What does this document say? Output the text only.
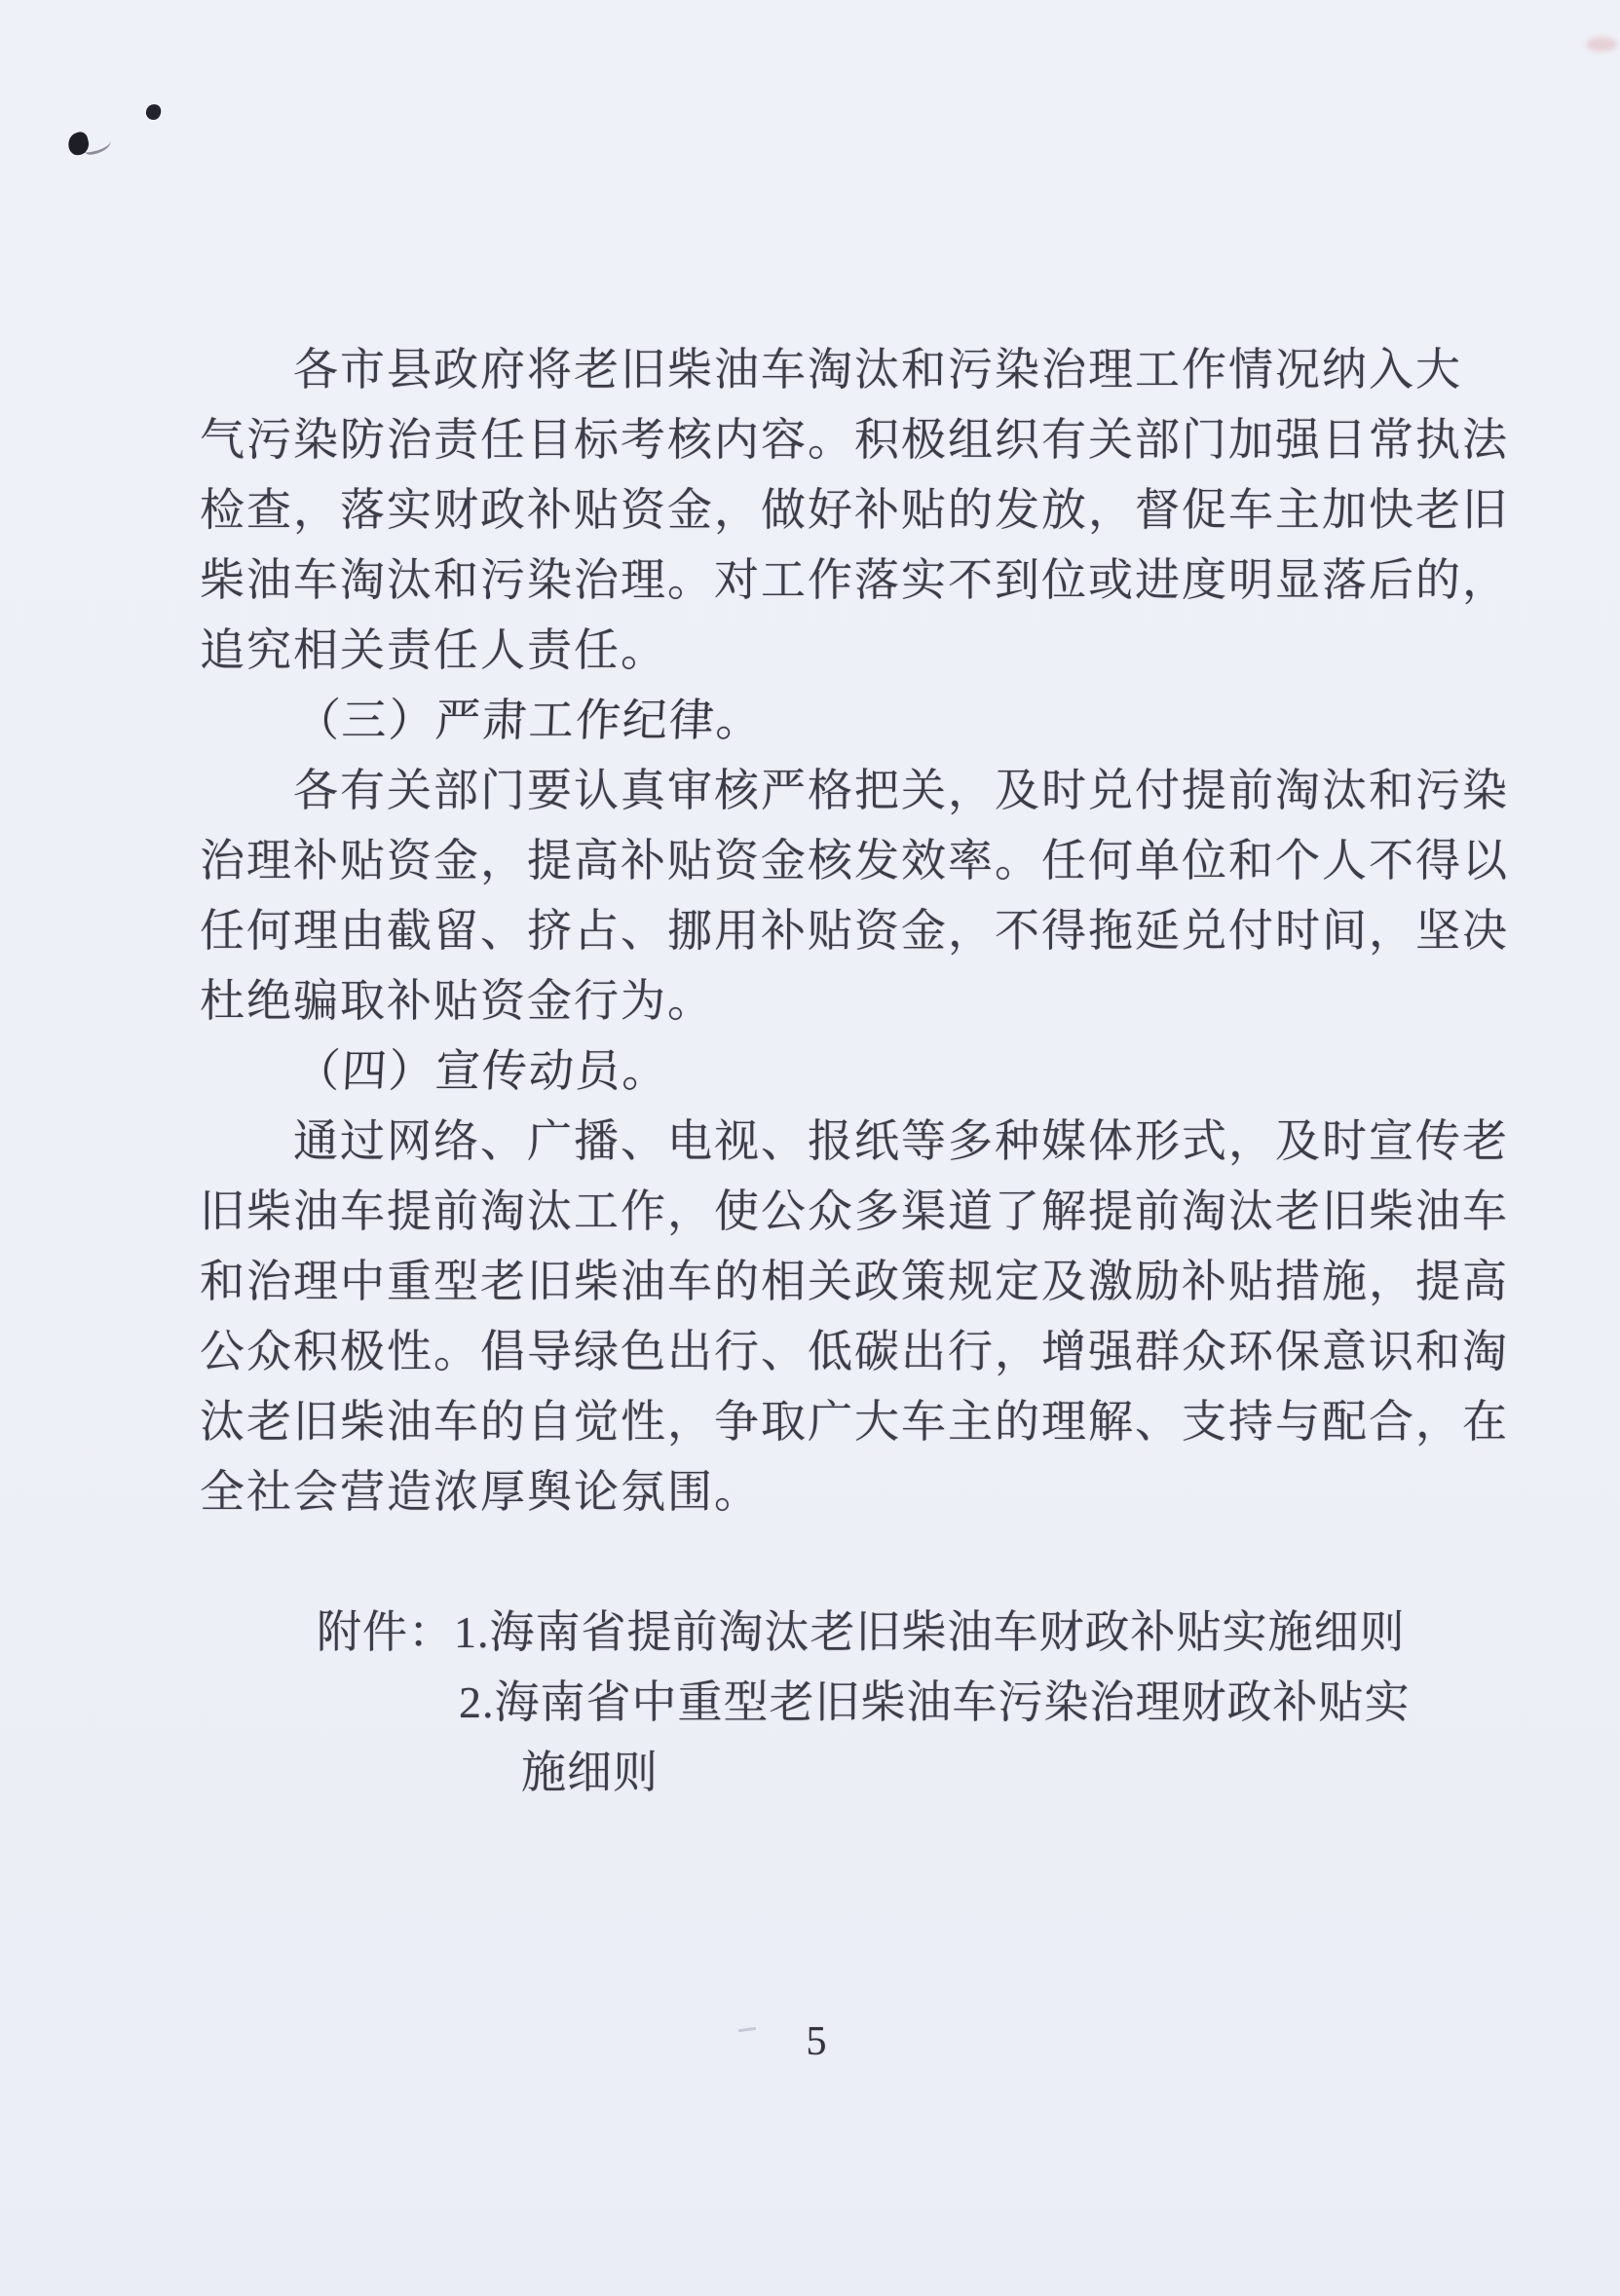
各市县政府将老旧柴油车淘汰和污染治理工作情况纳入大
气污染防治责任目标考核内容。积极组织有关部门加强日常执法
检查，落实财政补贴资金，做好补贴的发放，督促车主加快老旧
柴油车淘汰和污染治理。对工作落实不到位或进度明显落后的，
追究相关责任人责任。
（三）严肃工作纪律。
各有关部门要认真审核严格把关，及时兑付提前淘汰和污染
治理补贴资金，提高补贴资金核发效率。任何单位和个人不得以
任何理由截留、挤占、挪用补贴资金，不得拖延兑付时间，坚决
杜绝骗取补贴资金行为。
（四）宣传动员。
通过网络、广播、电视、报纸等多种媒体形式，及时宣传老
旧柴油车提前淘汰工作，使公众多渠道了解提前淘汰老旧柴油车
和治理中重型老旧柴油车的相关政策规定及激励补贴措施，提高
公众积极性。倡导绿色出行、低碳出行，增强群众环保意识和淘
汰老旧柴油车的自觉性，争取广大车主的理解、支持与配合，在
全社会营造浓厚舆论氛围。
附件：1.海南省提前淘汰老旧柴油车财政补贴实施细则
2.海南省中重型老旧柴油车污染治理财政补贴实
施细则
5
